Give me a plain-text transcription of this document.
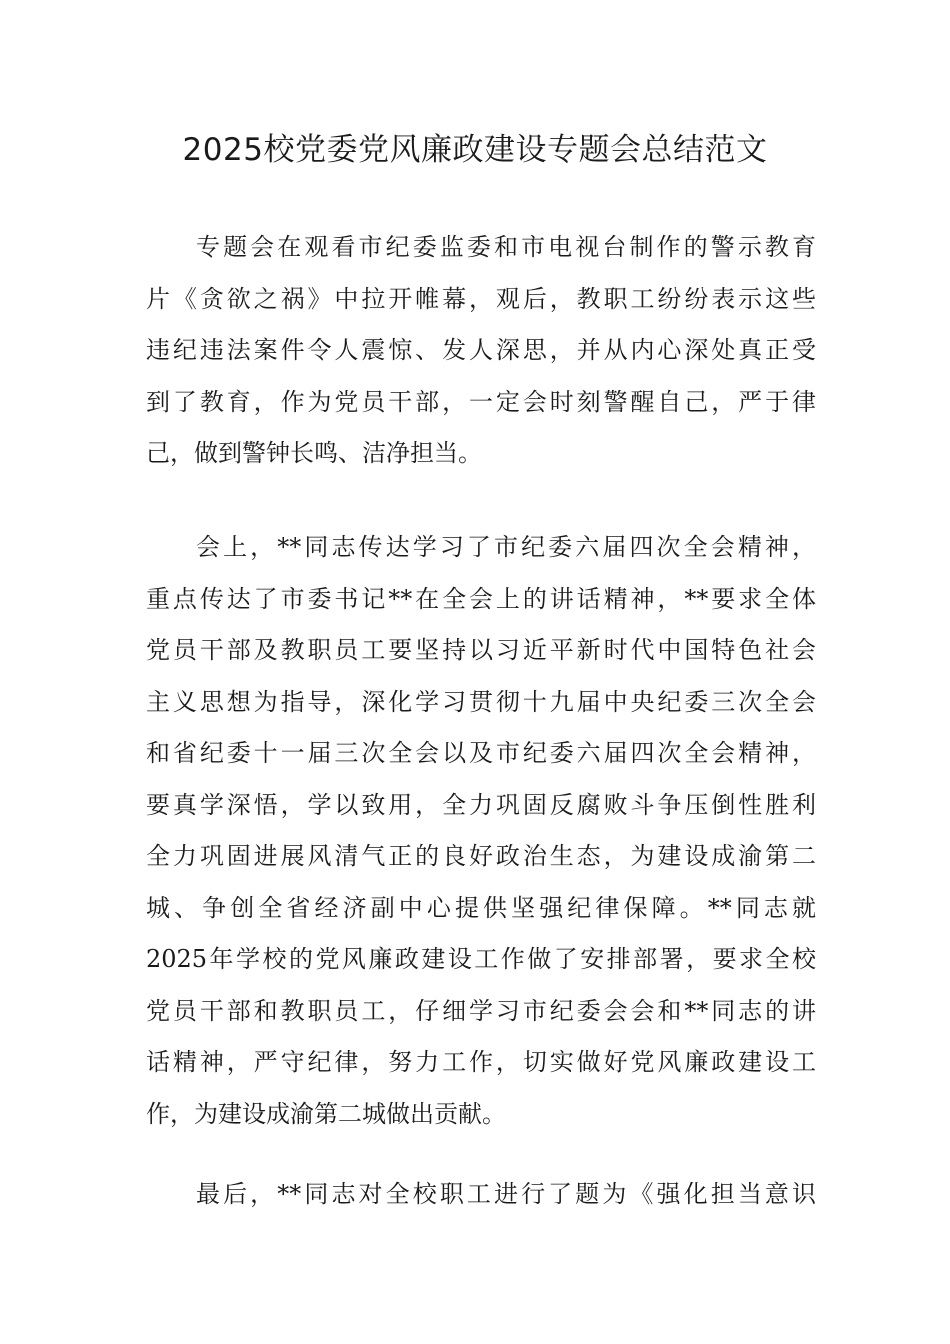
2025校党委党风廉政建设专题会总结范文
专题会在观看市纪委监委和市电视台制作的警示教育
片《贪欲之祸》中拉开帷幕，观后，教职工纷纷表示这些
违纪违法案件令人震惊、发人深思，并从内心深处真正受
到了教育，作为党员干部，一定会时刻警醒自己，严于律
己，做到警钟长鸣、洁净担当。
会上，**同志传达学习了市纪委六届四次全会精神，
重点传达了市委书记**在全会上的讲话精神，**要求全体
党员干部及教职员工要坚持以习近平新时代中国特色社会
主义思想为指导，深化学习贯彻十九届中央纪委三次全会
和省纪委十一届三次全会以及市纪委六届四次全会精神，
要真学深悟，学以致用，全力巩固反腐败斗争压倒性胜利
全力巩固进展风清气正的良好政治生态，为建设成渝第二
城、争创全省经济副中心提供坚强纪律保障。**同志就
2025年学校的党风廉政建设工作做了安排部署，要求全校
党员干部和教职员工，仔细学习市纪委会会和**同志的讲
话精神，严守纪律，努力工作，切实做好党风廉政建设工
作，为建设成渝第二城做出贡献。
最后，**同志对全校职工进行了题为《强化担当意识
